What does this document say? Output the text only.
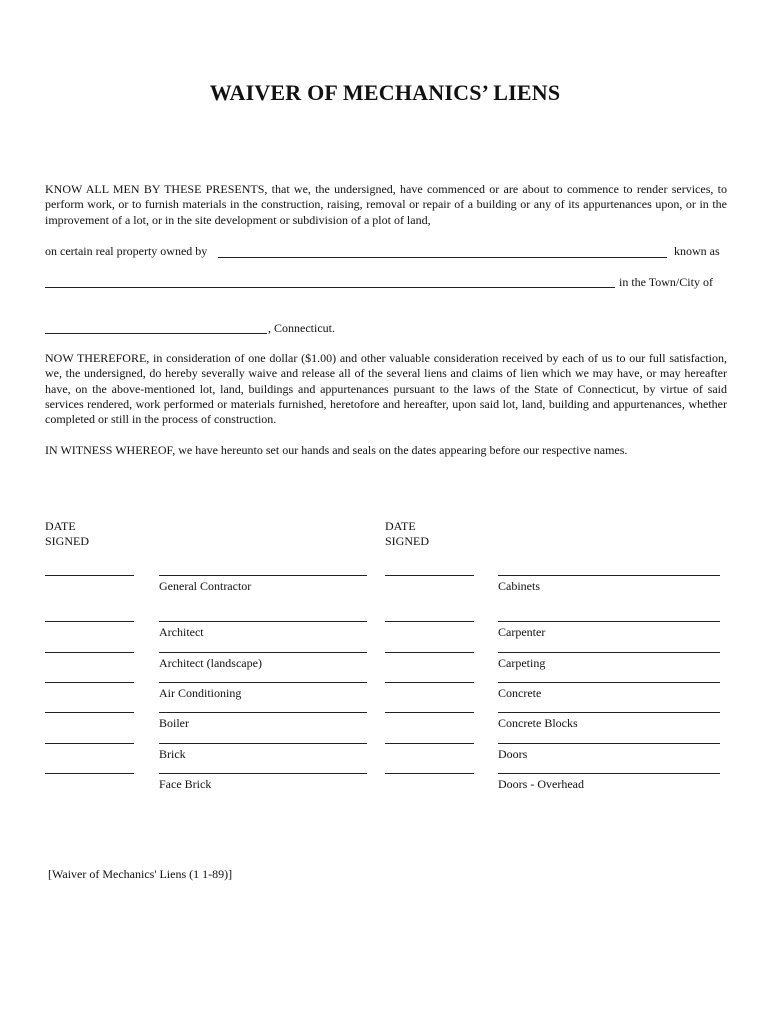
WAIVER OF MECHANICS’ LIENS
KNOW ALL MEN BY THESE PRESENTS, that we, the undersigned, have commenced or are about to commence to render services, to perform work, or to furnish materials in the construction, raising, removal or repair of a building or any of its appurtenances upon, or in the improvement of a lot, or in the site development or subdivision of a plot of land,
on certain real property owned by	known as
in the Town/City of
, Connecticut.
NOW THEREFORE, in consideration of one dollar ($1.00) and other valuable consideration received by each of us to our full satisfaction, we, the undersigned, do hereby severally waive and release all of the several liens and claims of lien which we may have, or may hereafter have, on the above-mentioned lot, land, buildings and appurtenances pursuant to the laws of the State of Connecticut, by virtue of said services rendered, work performed or materials furnished, heretofore and hereafter, upon said lot, land, building and appurtenances, whether completed or still in the process of construction.
IN WITNESS WHEREOF, we have hereunto set our hands and seals on the dates appearing before our respective names.
DATE
SIGNED
DATE
SIGNED
General Contractor	Cabinets
Architect	Carpenter
Architect (landscape)	Carpeting
Air Conditioning	Concrete
Boiler	Concrete Blocks
Brick	Doors
Face Brick	Doors - Overhead
[Waiver of Mechanics' Liens (1 1-89)]
